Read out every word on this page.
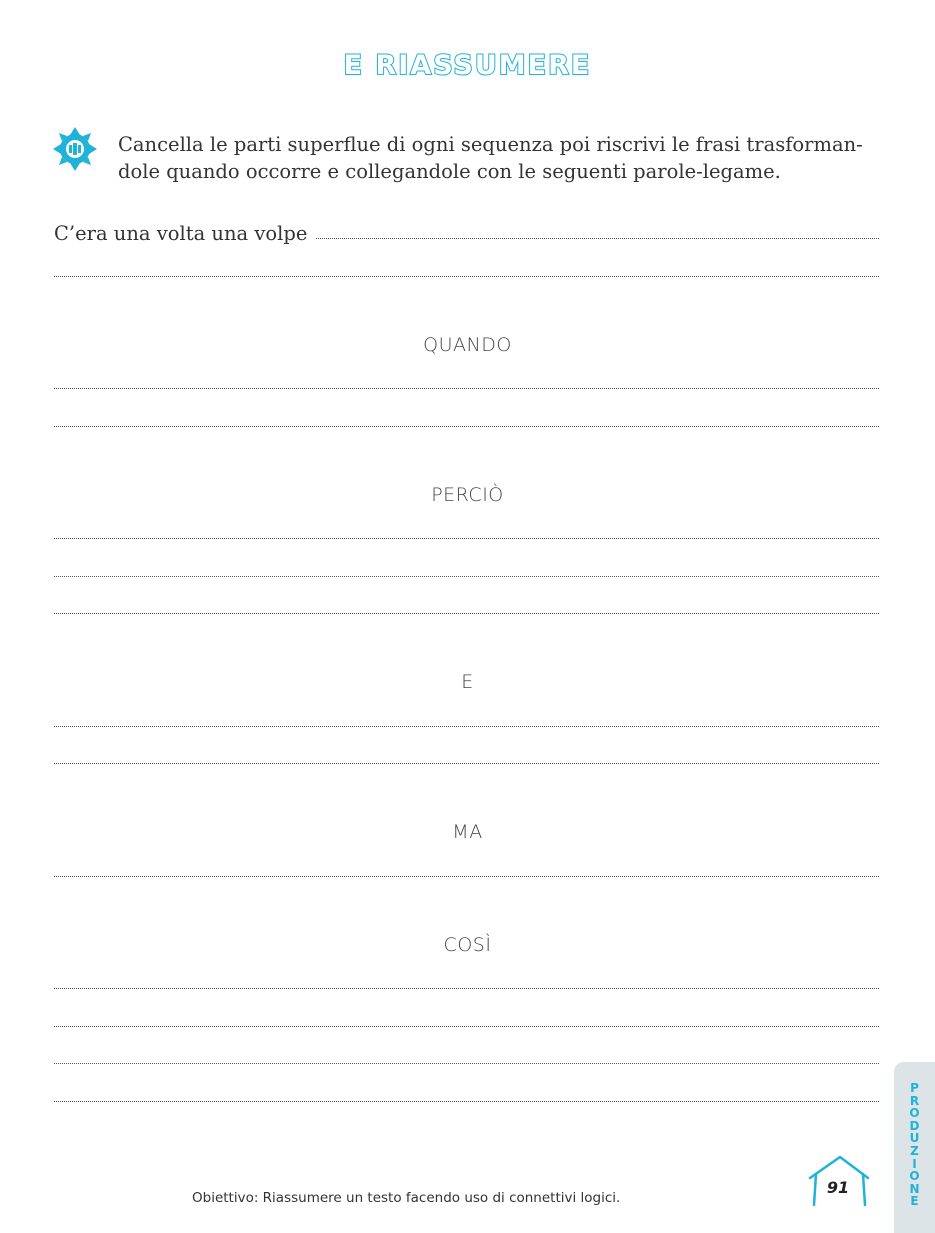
E RIASSUMERE
Cancella le parti superflue di ogni sequenza poi riscrivi le frasi trasforman-
dole quando occorre e collegandole con le seguenti parole-legame.
C’era una volta una volpe
QUANDO
PERCIÒ
E
MA
COSÌ
Obiettivo: Riassumere un testo facendo uso di connettivi logici.
91
P
R
O
D
U
Z
I
O
N
E
